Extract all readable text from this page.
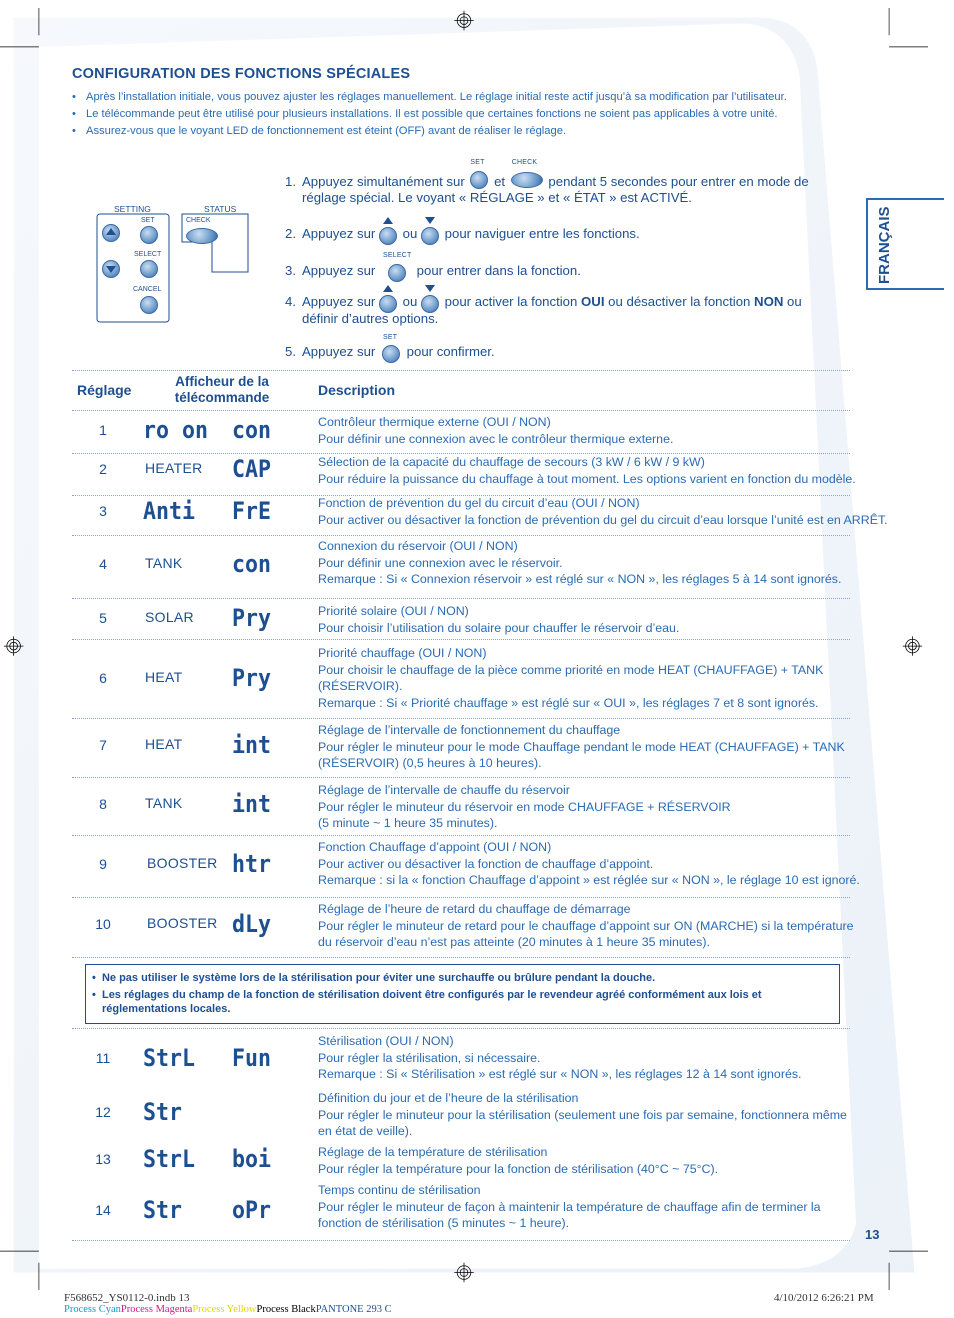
CONFIGURATION DES FONCTIONS SPÉCIALES
• Après l’installation initiale, vous pouvez ajuster les réglages manuellement. Le réglage initial reste actif jusqu’à sa modification par l’utilisateur.
• Le télécommande peut être utilisé pour plusieurs installations. Il est possible que certaines fonctions ne soient pas applicables à votre unité.
• Assurez-vous que le voyant LED de fonctionnement est éteint (OFF) avant de réaliser le réglage.
SETTING	STATUS
SET	CHECK
SELECT
CANCEL
1. Appuyez simultanément sur
SET
et
CHECK
pendant 5 secondes pour entrer en mode de
réglage spécial. Le voyant « RÉGLAGE » et « ÉTAT » est ACTIVÉ.
2. Appuyez sur ou pour naviguer entre les fonctions.
3. Appuyez sur
SELECT
pour entrer dans la fonction.
4. Appuyez sur ou pour activer la fonction OUI ou désactiver la fonction NON ou
définir d’autres options.
5. Appuyez sur
SET
pour confirmer.
FRANÇAIS
Réglage
Afficheur de la télécommande	Description
1	ro on con	Contrôleur thermique externe (OUI / NON)
Pour définir une connexion avec le contrôleur thermique externe.
2	HEATER CAP	Sélection de la capacité du chauffage de secours (3 kW / 6 kW / 9 kW)
Pour réduire la puissance du chauffage à tout moment. Les options varient en fonction du modèle.
3	Anti FrE	Fonction de prévention du gel du circuit d’eau (OUI / NON)
Pour activer ou désactiver la fonction de prévention du gel du circuit d’eau lorsque l’unité est en ARRÊT.
4	TANK con
Connexion du réservoir (OUI / NON)
Pour définir une connexion avec le réservoir.
Remarque : Si « Connexion réservoir » est réglé sur « NON », les réglages 5 à 14 sont ignorés.
5	SOLAR Pry	Priorité solaire (OUI / NON)
Pour choisir l’utilisation du solaire pour chauffer le réservoir d’eau.
6	HEAT Pry
Priorité chauffage (OUI / NON)
Pour choisir le chauffage de la pièce comme priorité en mode HEAT (CHAUFFAGE) + TANK
(RÉSERVOIR).
Remarque : Si « Priorité chauffage » est réglé sur « OUI », les réglages 7 et 8 sont ignorés.
7	HEAT int
Réglage de l’intervalle de fonctionnement du chauffage
Pour régler le minuteur pour le mode Chauffage pendant le mode HEAT (CHAUFFAGE) + TANK
(RÉSERVOIR) (0,5 heures à 10 heures).
8	TANK int	Réglage de l’intervalle de chauffe du réservoir
Pour régler le minuteur du réservoir en mode CHAUFFAGE + RÉSERVOIR
(5 minute ~ 1 heure 35 minutes).
9	BOOSTER htr
Fonction Chauffage d’appoint (OUI / NON)
Pour activer ou désactiver la fonction de chauffage d’appoint.
Remarque : si la « fonction Chauffage d’appoint » est réglée sur « NON », le réglage 10 est ignoré.
10	BOOSTER dLy
Réglage de l’heure de retard du chauffage de démarrage
Pour régler le minuteur de retard pour le chauffage d’appoint sur ON (MARCHE) si la température
du réservoir d’eau n’est pas atteinte (20 minutes à 1 heure 35 minutes).
11	StrL Fun
Stérilisation (OUI / NON)
Pour régler la stérilisation, si nécessaire.
Remarque : Si « Stérilisation » est réglé sur « NON », les réglages 12 à 14 sont ignorés.
12	Str	Définition du jour et de l’heure de la stérilisation
Pour régler le minuteur pour la stérilisation (seulement une fois par semaine, fonctionnera même
en état de veille).
13	StrL boi	Réglage de la température de stérilisation
Pour régler la température pour la fonction de stérilisation (40°C ~ 75°C).
14	Str oPr
Temps continu de stérilisation
Pour régler le minuteur de façon à maintenir la température de chauffage afin de terminer la
fonction de stérilisation (5 minutes ~ 1 heure).
•  Ne pas utiliser le système lors de la stérilisation pour éviter une surchauffe ou brûlure pendant la douche.
•  Les réglages du champ de la fonction de stérilisation doivent être configurés par le revendeur agréé conformément aux lois et
réglementations locales.
13
F568652_YS0112-0.indb 13	4/10/2012 6:26:21 PM
Process CyanProcess MagentaProcess YellowProcess BlackPANTONE 293 C
